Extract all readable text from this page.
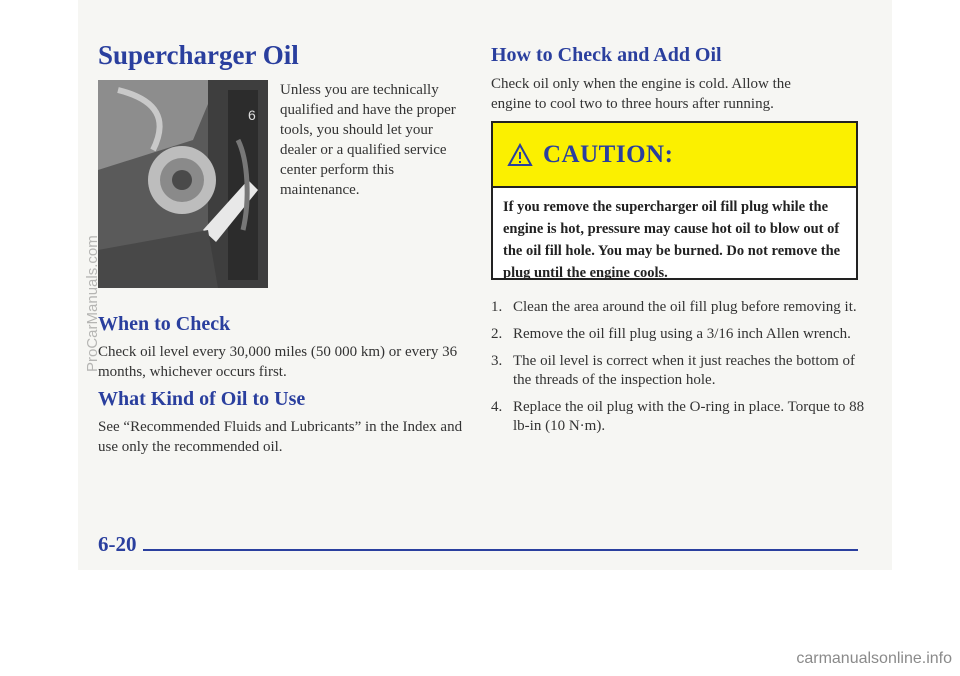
Supercharger Oil
6

Unless you are technically qualified and have the proper tools, you should let your dealer or a qualified service center perform this maintenance.

When to Check

Check oil level every 30,000 miles (50 000 km) or every 36 months, whichever occurs first.

What Kind of Oil to Use

See “Recommended Fluids and Lubricants” in the Index and use only the recommended oil.

How to Check and Add Oil

Check oil only when the engine is cold. Allow the engine to cool two to three hours after running.

CAUTION:
If you remove the supercharger oil fill plug while the engine is hot, pressure may cause hot oil to blow out of the oil fill hole. You may be burned. Do not remove the plug until the engine cools.
1. Clean the area around the oil fill plug before removing it.
2. Remove the oil fill plug using a 3/16 inch Allen wrench.
3. The oil level is correct when it just reaches the bottom of the threads of the inspection hole.
4. Replace the oil plug with the O-ring in place. Torque to 88 lb-in (10 N·m).
6-20
ProCarManuals.com
carmanualsonline.info
